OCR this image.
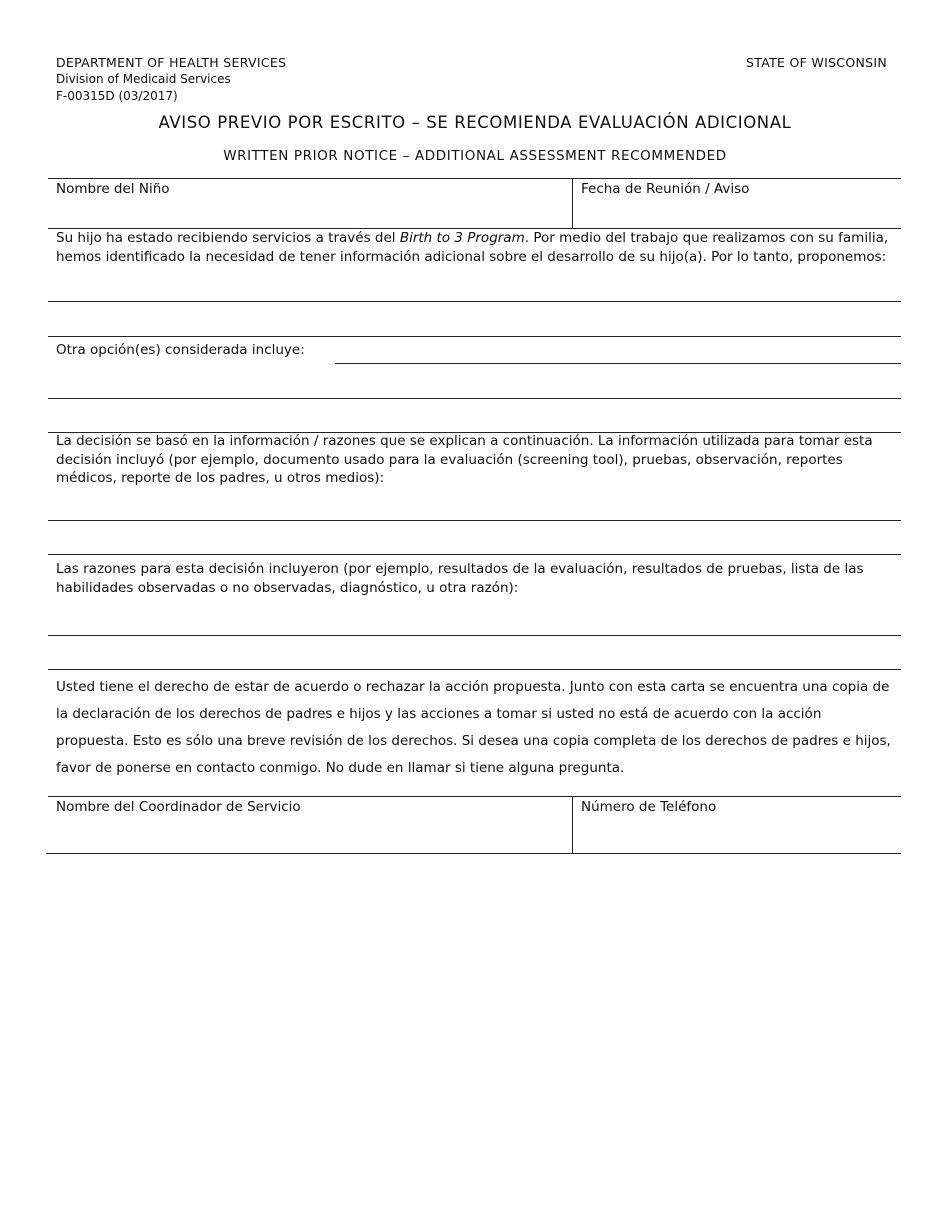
DEPARTMENT OF HEALTH SERVICES
Division of Medicaid Services
F-00315D (03/2017)
STATE OF WISCONSIN
AVISO PREVIO POR ESCRITO – SE RECOMIENDA EVALUACIÓN ADICIONAL
WRITTEN PRIOR NOTICE – ADDITIONAL ASSESSMENT RECOMMENDED
Nombre del Niño	Fecha de Reunión / Aviso
Su hijo ha estado recibiendo servicios a través del Birth to 3 Program. Por medio del trabajo que realizamos con su familia, hemos identificado la necesidad de tener información adicional sobre el desarrollo de su hijo(a). Por lo tanto, proponemos:
Otra opción(es) considerada incluye:
La decisión se basó en la información / razones que se explican a continuación. La información utilizada para tomar esta decisión incluyó (por ejemplo, documento usado para la evaluación (screening tool), pruebas, observación, reportes médicos, reporte de los padres, u otros medios):
Las razones para esta decisión incluyeron (por ejemplo, resultados de la evaluación, resultados de pruebas, lista de las habilidades observadas o no observadas, diagnóstico, u otra razón):
Usted tiene el derecho de estar de acuerdo o rechazar la acción propuesta. Junto con esta carta se encuentra una copia de la declaración de los derechos de padres e hijos y las acciones a tomar si usted no está de acuerdo con la acción propuesta. Esto es sólo una breve revisión de los derechos. Si desea una copia completa de los derechos de padres e hijos, favor de ponerse en contacto conmigo. No dude en llamar si tiene alguna pregunta.
Nombre del Coordinador de Servicio	Número de Teléfono
